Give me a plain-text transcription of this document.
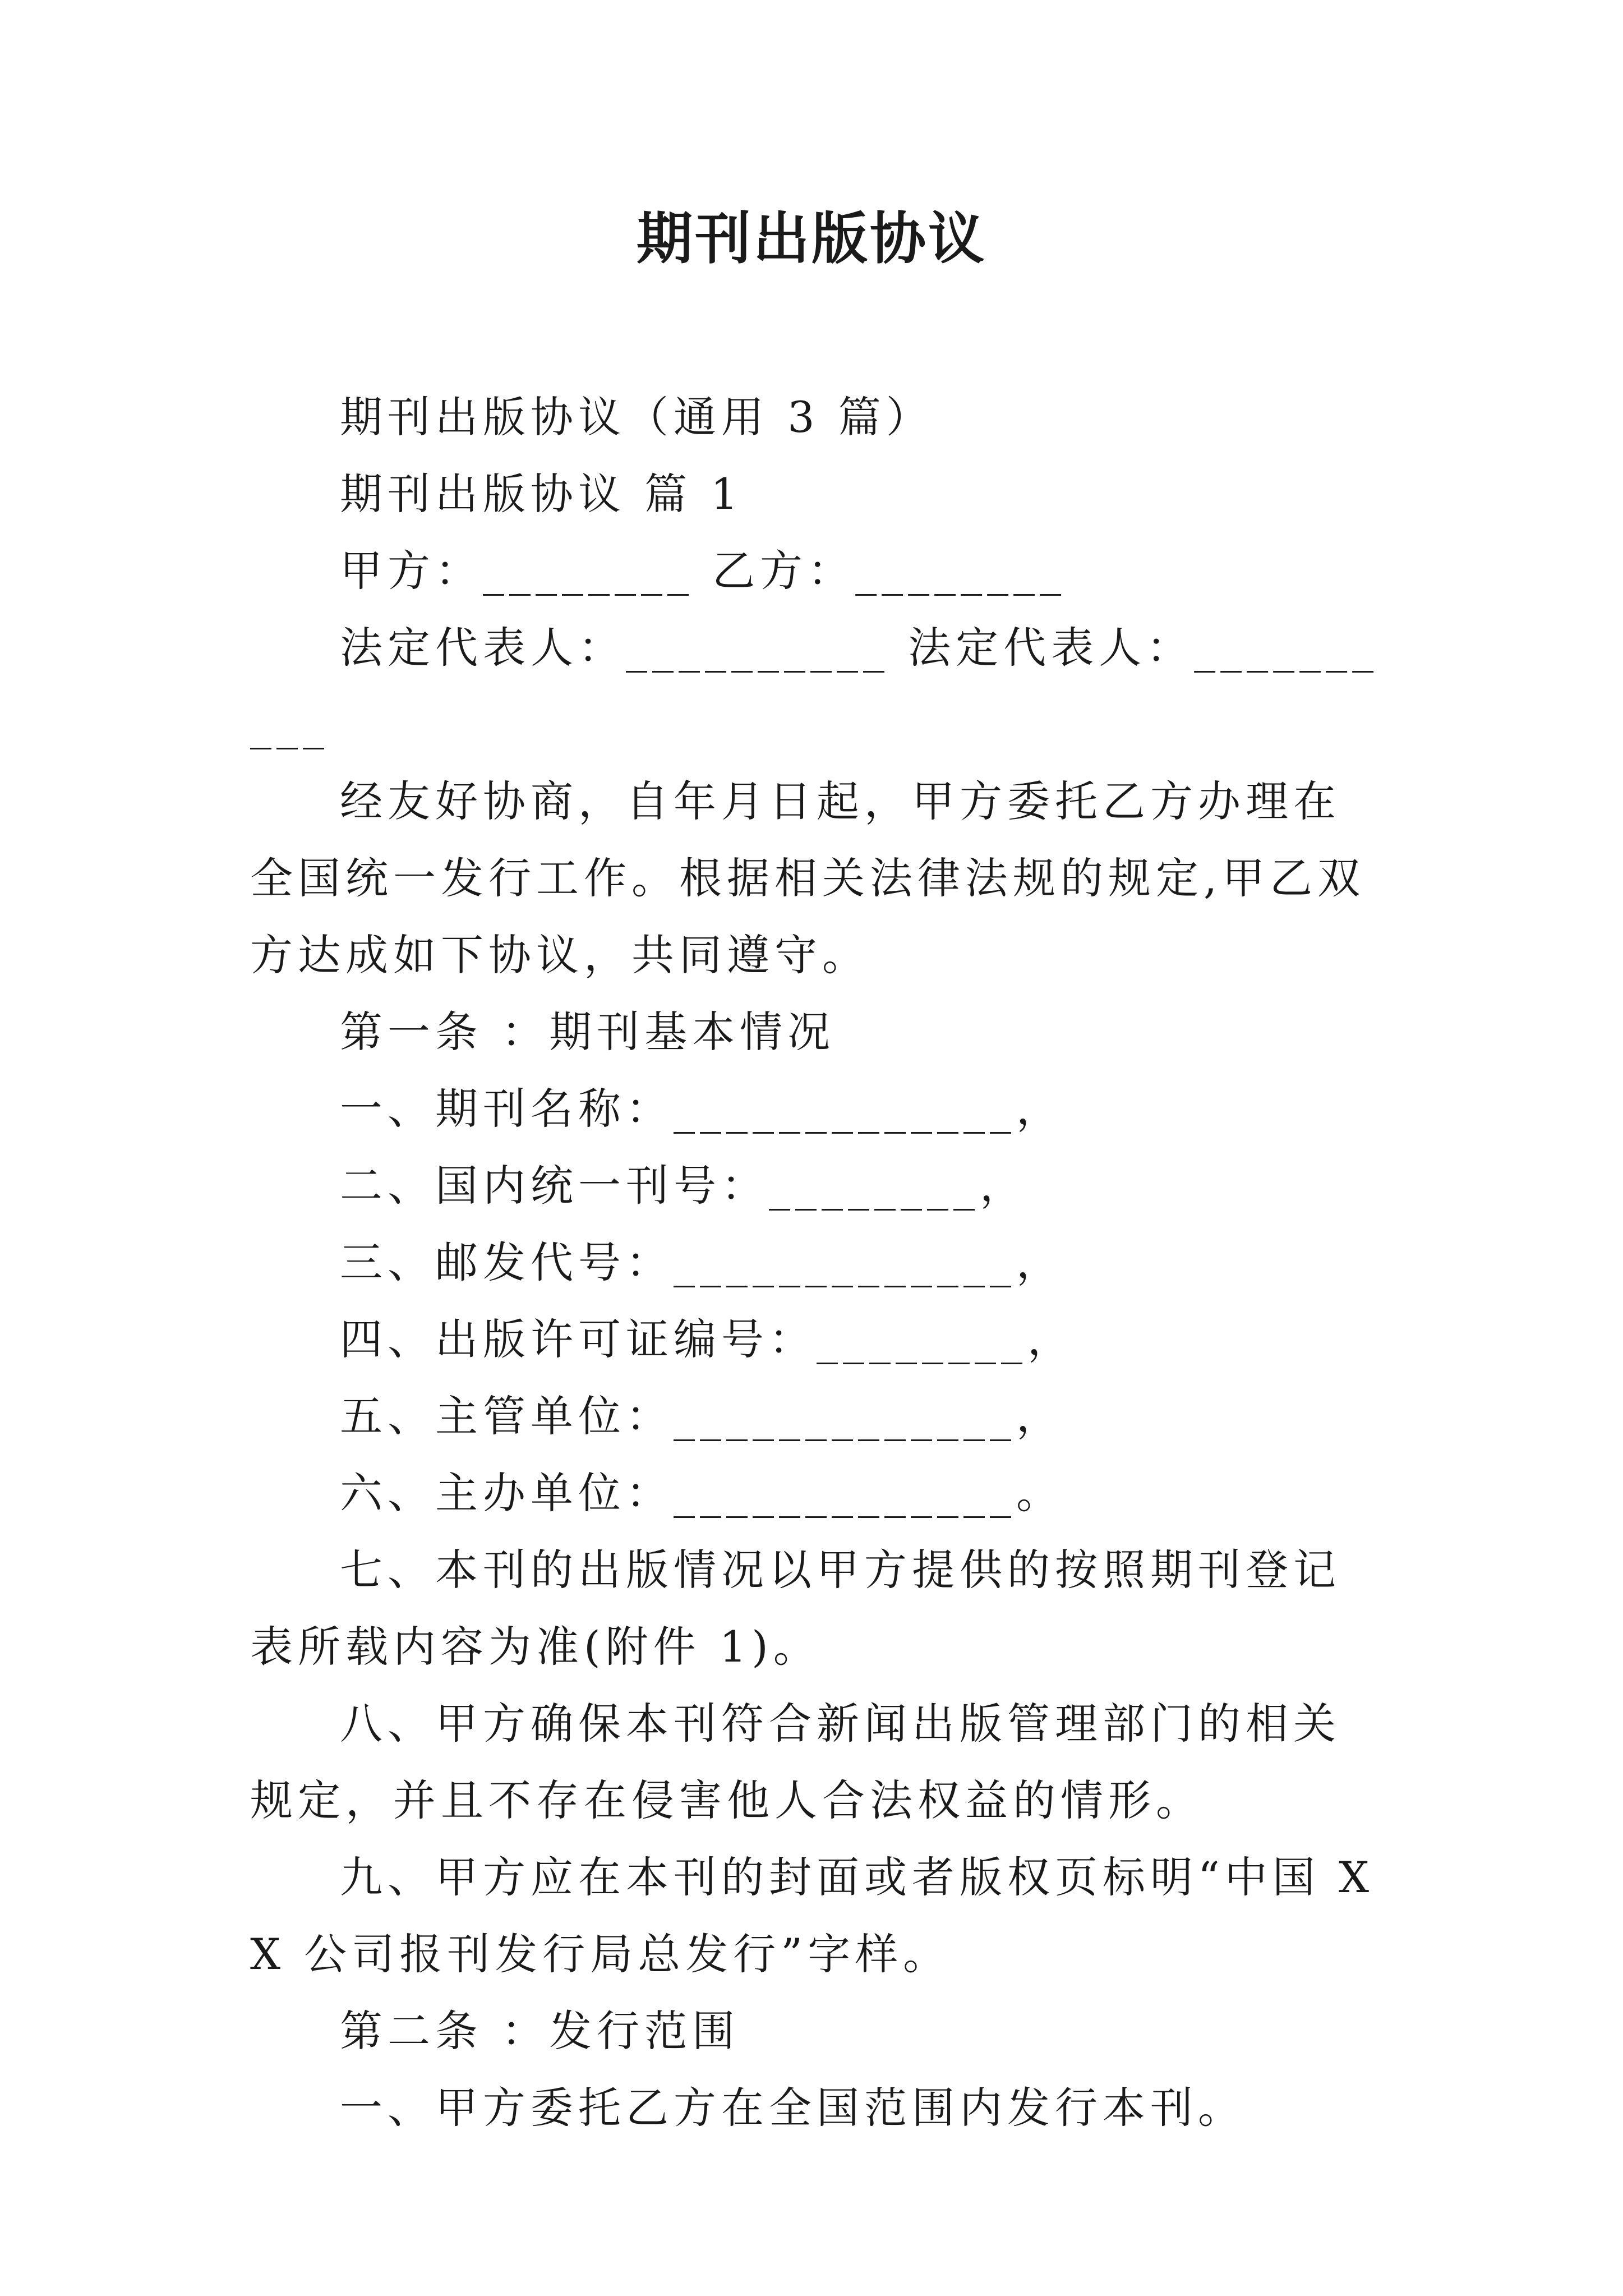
期刊出版协议

期刊出版协议（通用 3 篇）

期刊出版协议 篇 1

甲方：________ 乙方：________

法定代表人：__________ 法定代表人：__________

经友好协商，自年月日起，甲方委托乙方办理在全国统一发行工作。根据相关法律法规的规定,甲乙双方达成如下协议，共同遵守。

第一条 ：期刊基本情况

一、期刊名称：_____________，

二、国内统一刊号：________，

三、邮发代号：_____________，

四、出版许可证编号：________，

五、主管单位：_____________，

六、主办单位：_____________。

七、本刊的出版情况以甲方提供的按照期刊登记表所载内容为准(附件 1)。

八、甲方确保本刊符合新闻出版管理部门的相关规定，并且不存在侵害他人合法权益的情形。

九、甲方应在本刊的封面或者版权页标明“中国 XX 公司报刊发行局总发行”字样。

第二条 ：发行范围

一、甲方委托乙方在全国范围内发行本刊。
